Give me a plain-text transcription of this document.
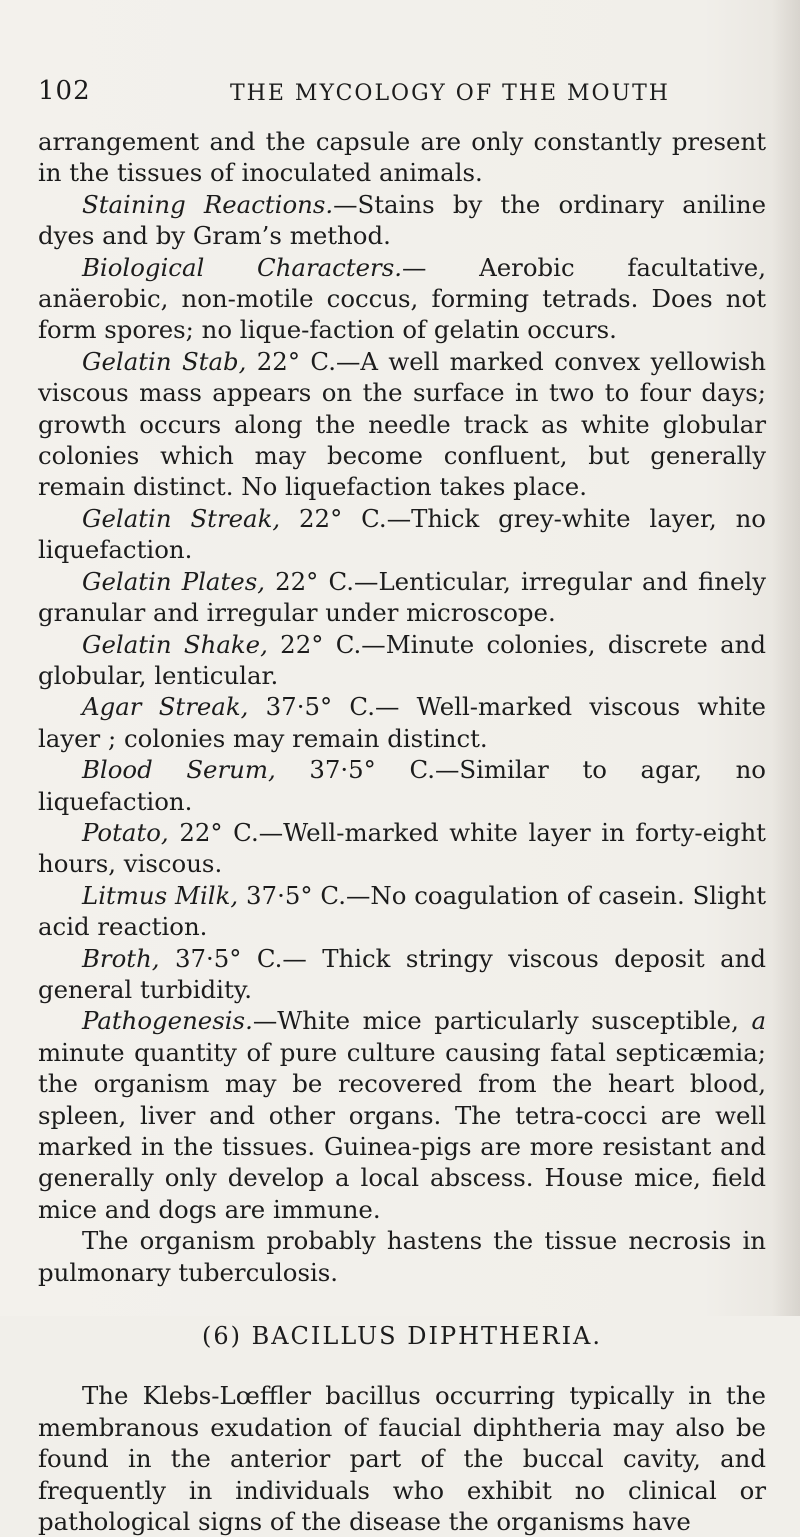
102	THE MYCOLOGY OF THE MOUTH

arrangement and the capsule are only constantly present in the tissues of inoculated animals.

Staining Reactions.—Stains by the ordinary aniline dyes and by Gram’s method.

Biological Characters.— Aerobic facultative, anäerobic, non-motile coccus, forming tetrads. Does not form spores; no lique-faction of gelatin occurs.

Gelatin Stab, 22° C.—A well marked convex yellowish viscous mass appears on the surface in two to four days; growth occurs along the needle track as white globular colonies which may become confluent, but generally remain distinct. No liquefaction takes place.

Gelatin Streak, 22° C.—Thick grey-white layer, no liquefaction.

Gelatin Plates, 22° C.—Lenticular, irregular and finely granular and irregular under microscope.

Gelatin Shake, 22° C.—Minute colonies, discrete and globular, lenticular.

Agar Streak, 37·5° C.— Well-marked viscous white layer ; colonies may remain distinct.

Blood Serum, 37·5° C.—Similar to agar, no liquefaction.

Potato, 22° C.—Well-marked white layer in forty-eight hours, viscous.

Litmus Milk, 37·5° C.—No coagulation of casein. Slight acid reaction.

Broth, 37·5° C.— Thick stringy viscous deposit and general turbidity.

Pathogenesis.—White mice particularly susceptible, a minute quantity of pure culture causing fatal septicæmia; the organism may be recovered from the heart blood, spleen, liver and other organs. The tetra-cocci are well marked in the tissues. Guinea-pigs are more resistant and generally only develop a local abscess. House mice, field mice and dogs are immune.

The organism probably hastens the tissue necrosis in pulmonary tuberculosis.

(6) BACILLUS DIPHTHERIA.

The Klebs-Lœffler bacillus occurring typically in the membranous exudation of faucial diphtheria may also be found in the anterior part of the buccal cavity, and frequently in individuals who exhibit no clinical or pathological signs of the disease the organisms have
